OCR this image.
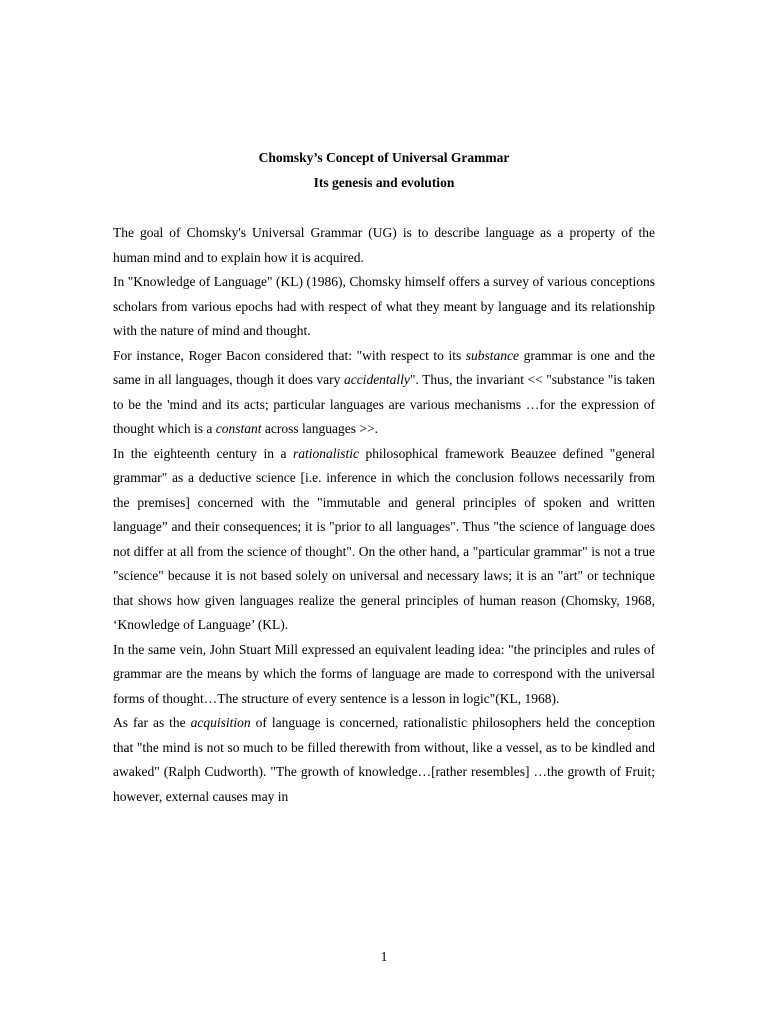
Chomsky’s Concept of Universal Grammar
Its genesis and evolution

The goal of Chomsky's Universal Grammar (UG) is to describe language as a property of the human mind and to explain how it is acquired.

In "Knowledge of Language" (KL) (1986), Chomsky himself offers a survey of various conceptions scholars from various epochs had with respect of what they meant by language and its relationship with the nature of mind and thought.

For instance, Roger Bacon considered that: "with respect to its substance grammar is one and the same in all languages, though it does vary accidentally". Thus, the invariant << "substance "is taken to be the 'mind and its acts; particular languages are various mechanisms …for the expression of thought which is a constant across languages >>.

In the eighteenth century in a rationalistic philosophical framework Beauzee defined "general grammar" as a deductive science [i.e. inference in which the conclusion follows necessarily from the premises] concerned with the "immutable and general principles of spoken and written language” and their consequences; it is "prior to all languages". Thus "the science of language does not differ at all from the science of thought". On the other hand, a "particular grammar" is not a true "science" because it is not based solely on universal and necessary laws; it is an "art" or technique that shows how given languages realize the general principles of human reason (Chomsky, 1968, ‘Knowledge of Language’ (KL).

In the same vein, John Stuart Mill expressed an equivalent leading idea: "the principles and rules of grammar are the means by which the forms of language are made to correspond with the universal forms of thought…The structure of every sentence is a lesson in logic"(KL, 1968).

As far as the acquisition of language is concerned, rationalistic philosophers held the conception that "the mind is not so much to be filled therewith from without, like a vessel, as to be kindled and awaked" (Ralph Cudworth). "The growth of knowledge…[rather resembles] …the growth of Fruit; however, external causes may in

1
